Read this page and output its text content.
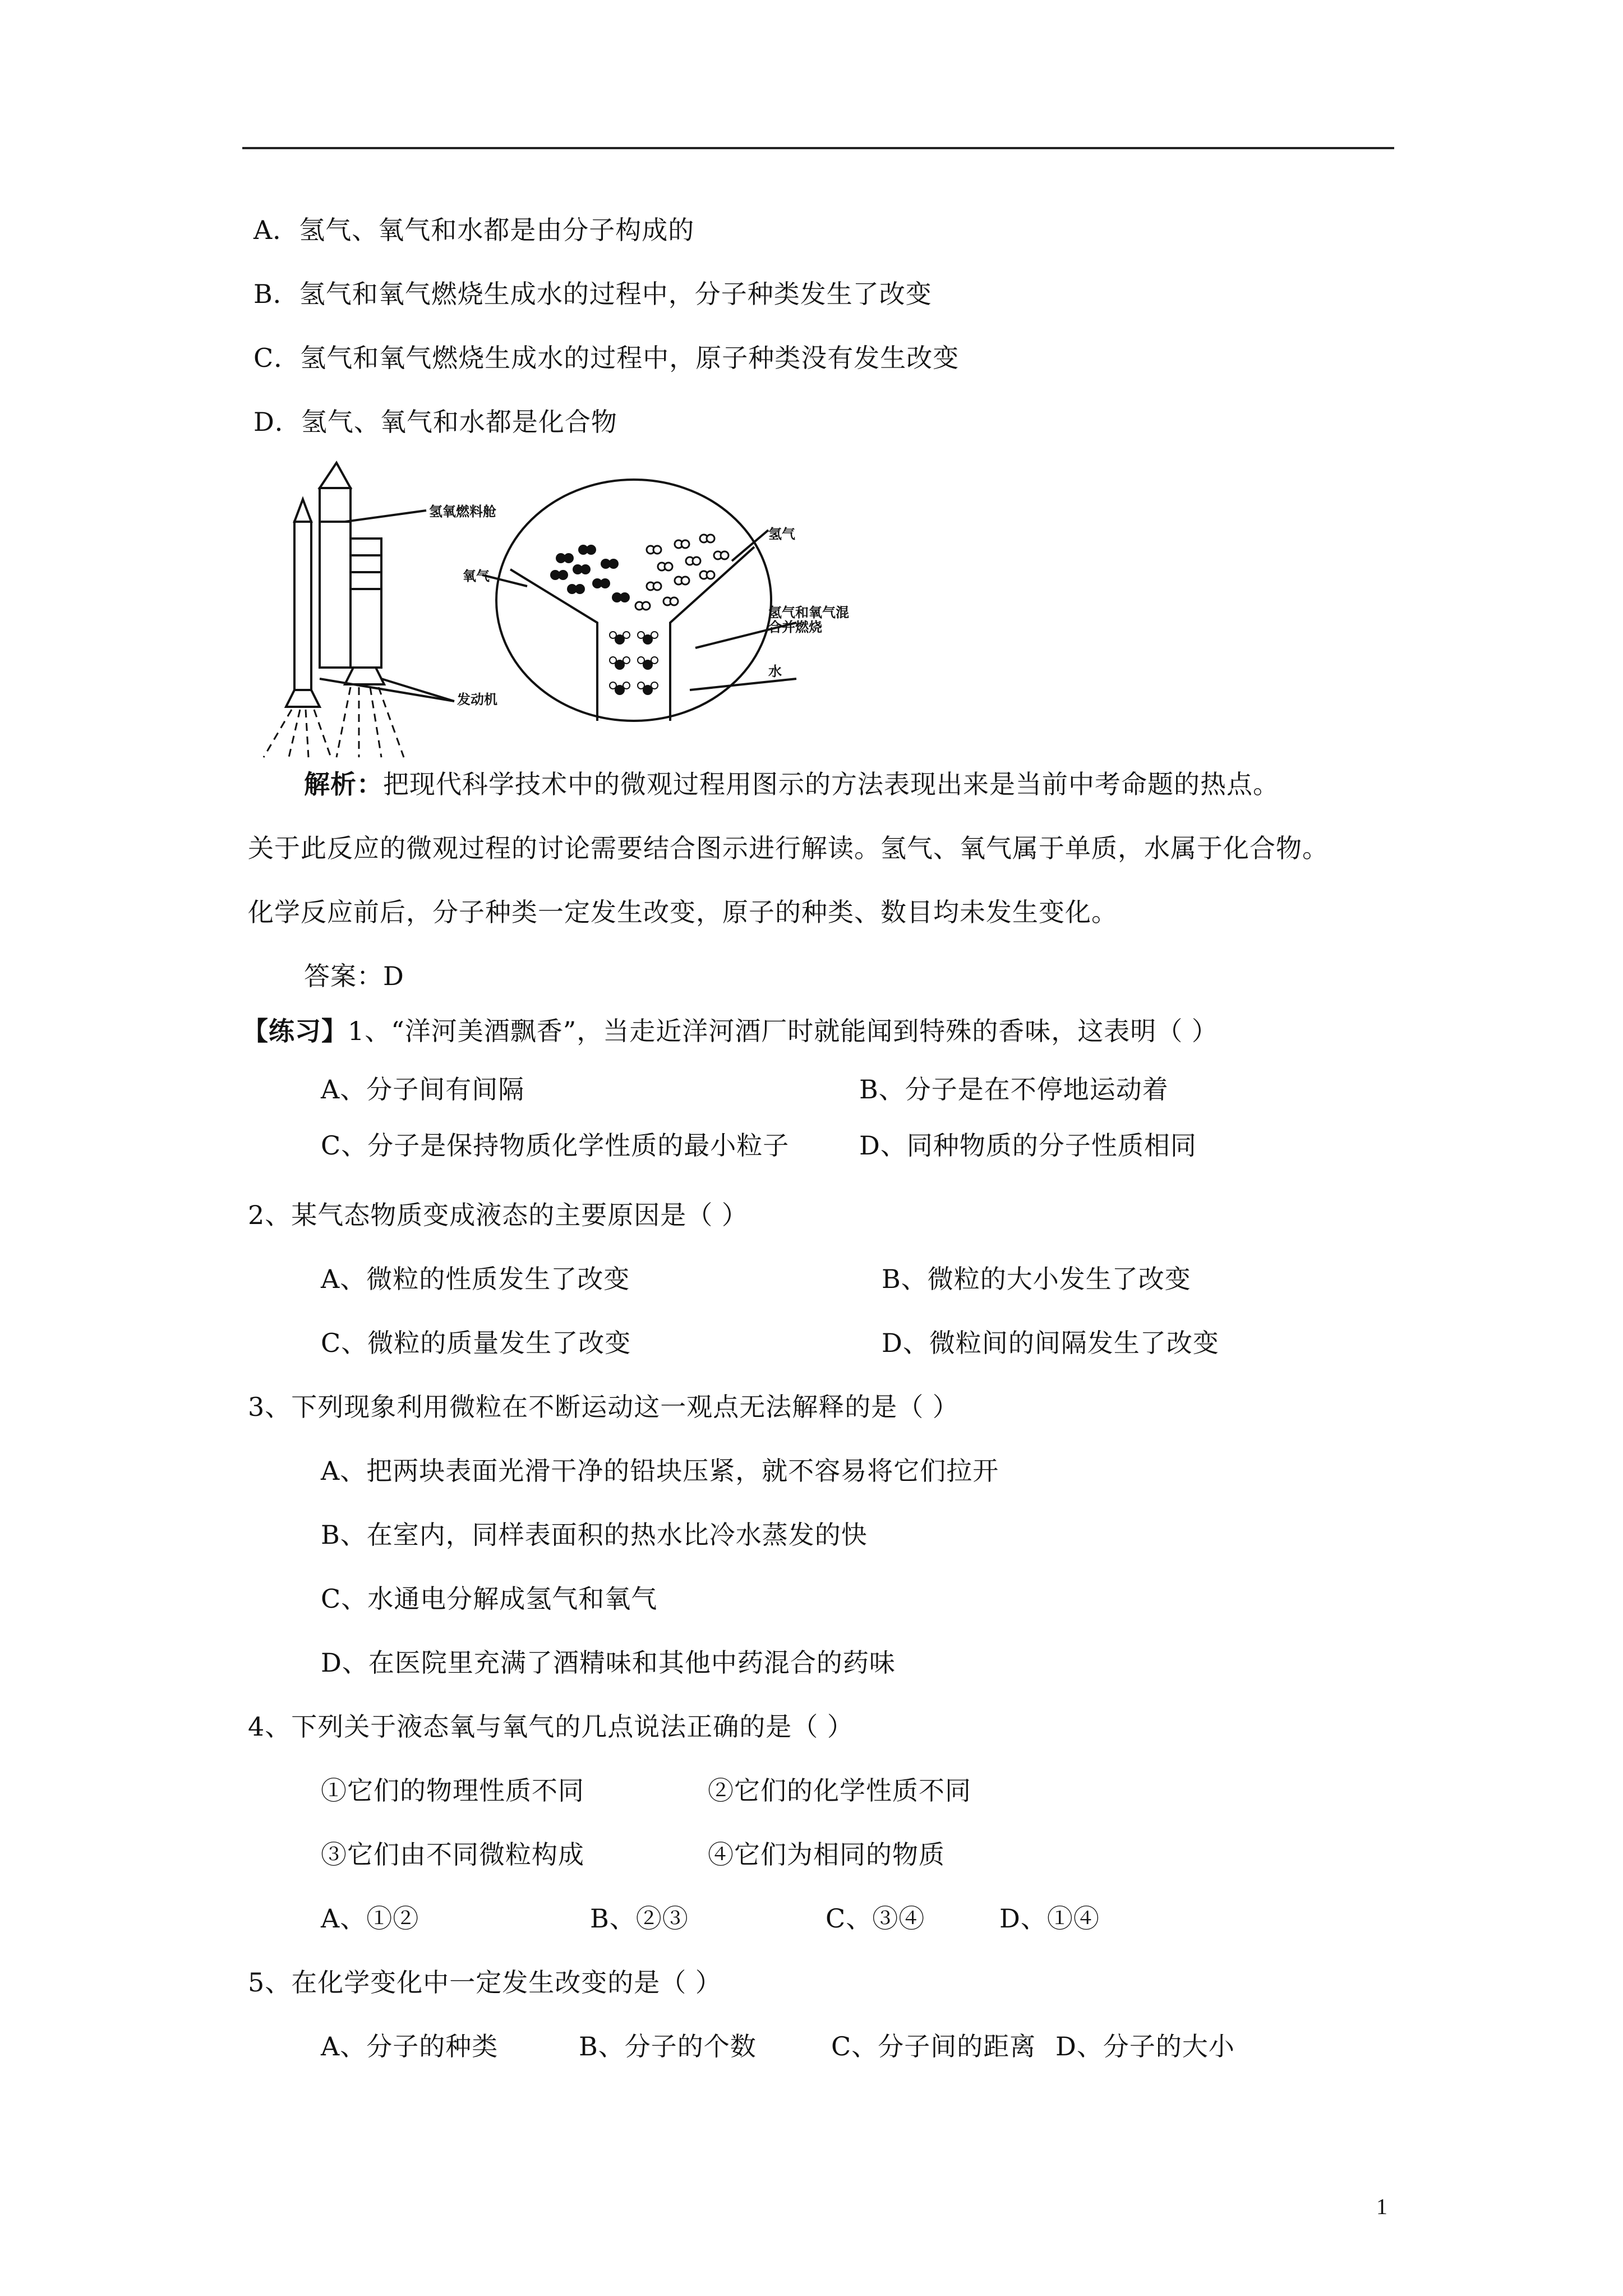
A．氢气、氧气和水都是由分子构成的
B．氢气和氧气燃烧生成水的过程中，分子种类发生了改变
C．氢气和氧气燃烧生成水的过程中，原子种类没有发生改变
D．氢气、氧气和水都是化合物
氢氧燃料舱
氧气
氢气
氢气和氧气混
合并燃烧
水
发动机
解析：把现代科学技术中的微观过程用图示的方法表现出来是当前中考命题的热点。
关于此反应的微观过程的讨论需要结合图示进行解读。氢气、氧气属于单质，水属于化合物。
化学反应前后，分子种类一定发生改变，原子的种类、数目均未发生变化。
答案：D
【练习】1、“洋河美酒飘香”，当走近洋河酒厂时就能闻到特殊的香味，这表明（ ）
A、分子间有间隔	B、分子是在不停地运动着
C、分子是保持物质化学性质的最小粒子	D、同种物质的分子性质相同
2、某气态物质变成液态的主要原因是（ ）
A、微粒的性质发生了改变	B、微粒的大小发生了改变
C、微粒的质量发生了改变	D、微粒间的间隔发生了改变
3、下列现象利用微粒在不断运动这一观点无法解释的是（ ）
A、把两块表面光滑干净的铅块压紧，就不容易将它们拉开
B、在室内，同样表面积的热水比冷水蒸发的快
C、水通电分解成氢气和氧气
D、在医院里充满了酒精味和其他中药混合的药味
4、下列关于液态氧与氧气的几点说法正确的是（ ）
①它们的物理性质不同	②它们的化学性质不同
③它们由不同微粒构成	④它们为相同的物质
A、①②	B、②③	C、③④	D、①④
5、在化学变化中一定发生改变的是（ ）
A、分子的种类	B、分子的个数	C、分子间的距离 D、分子的大小
1
